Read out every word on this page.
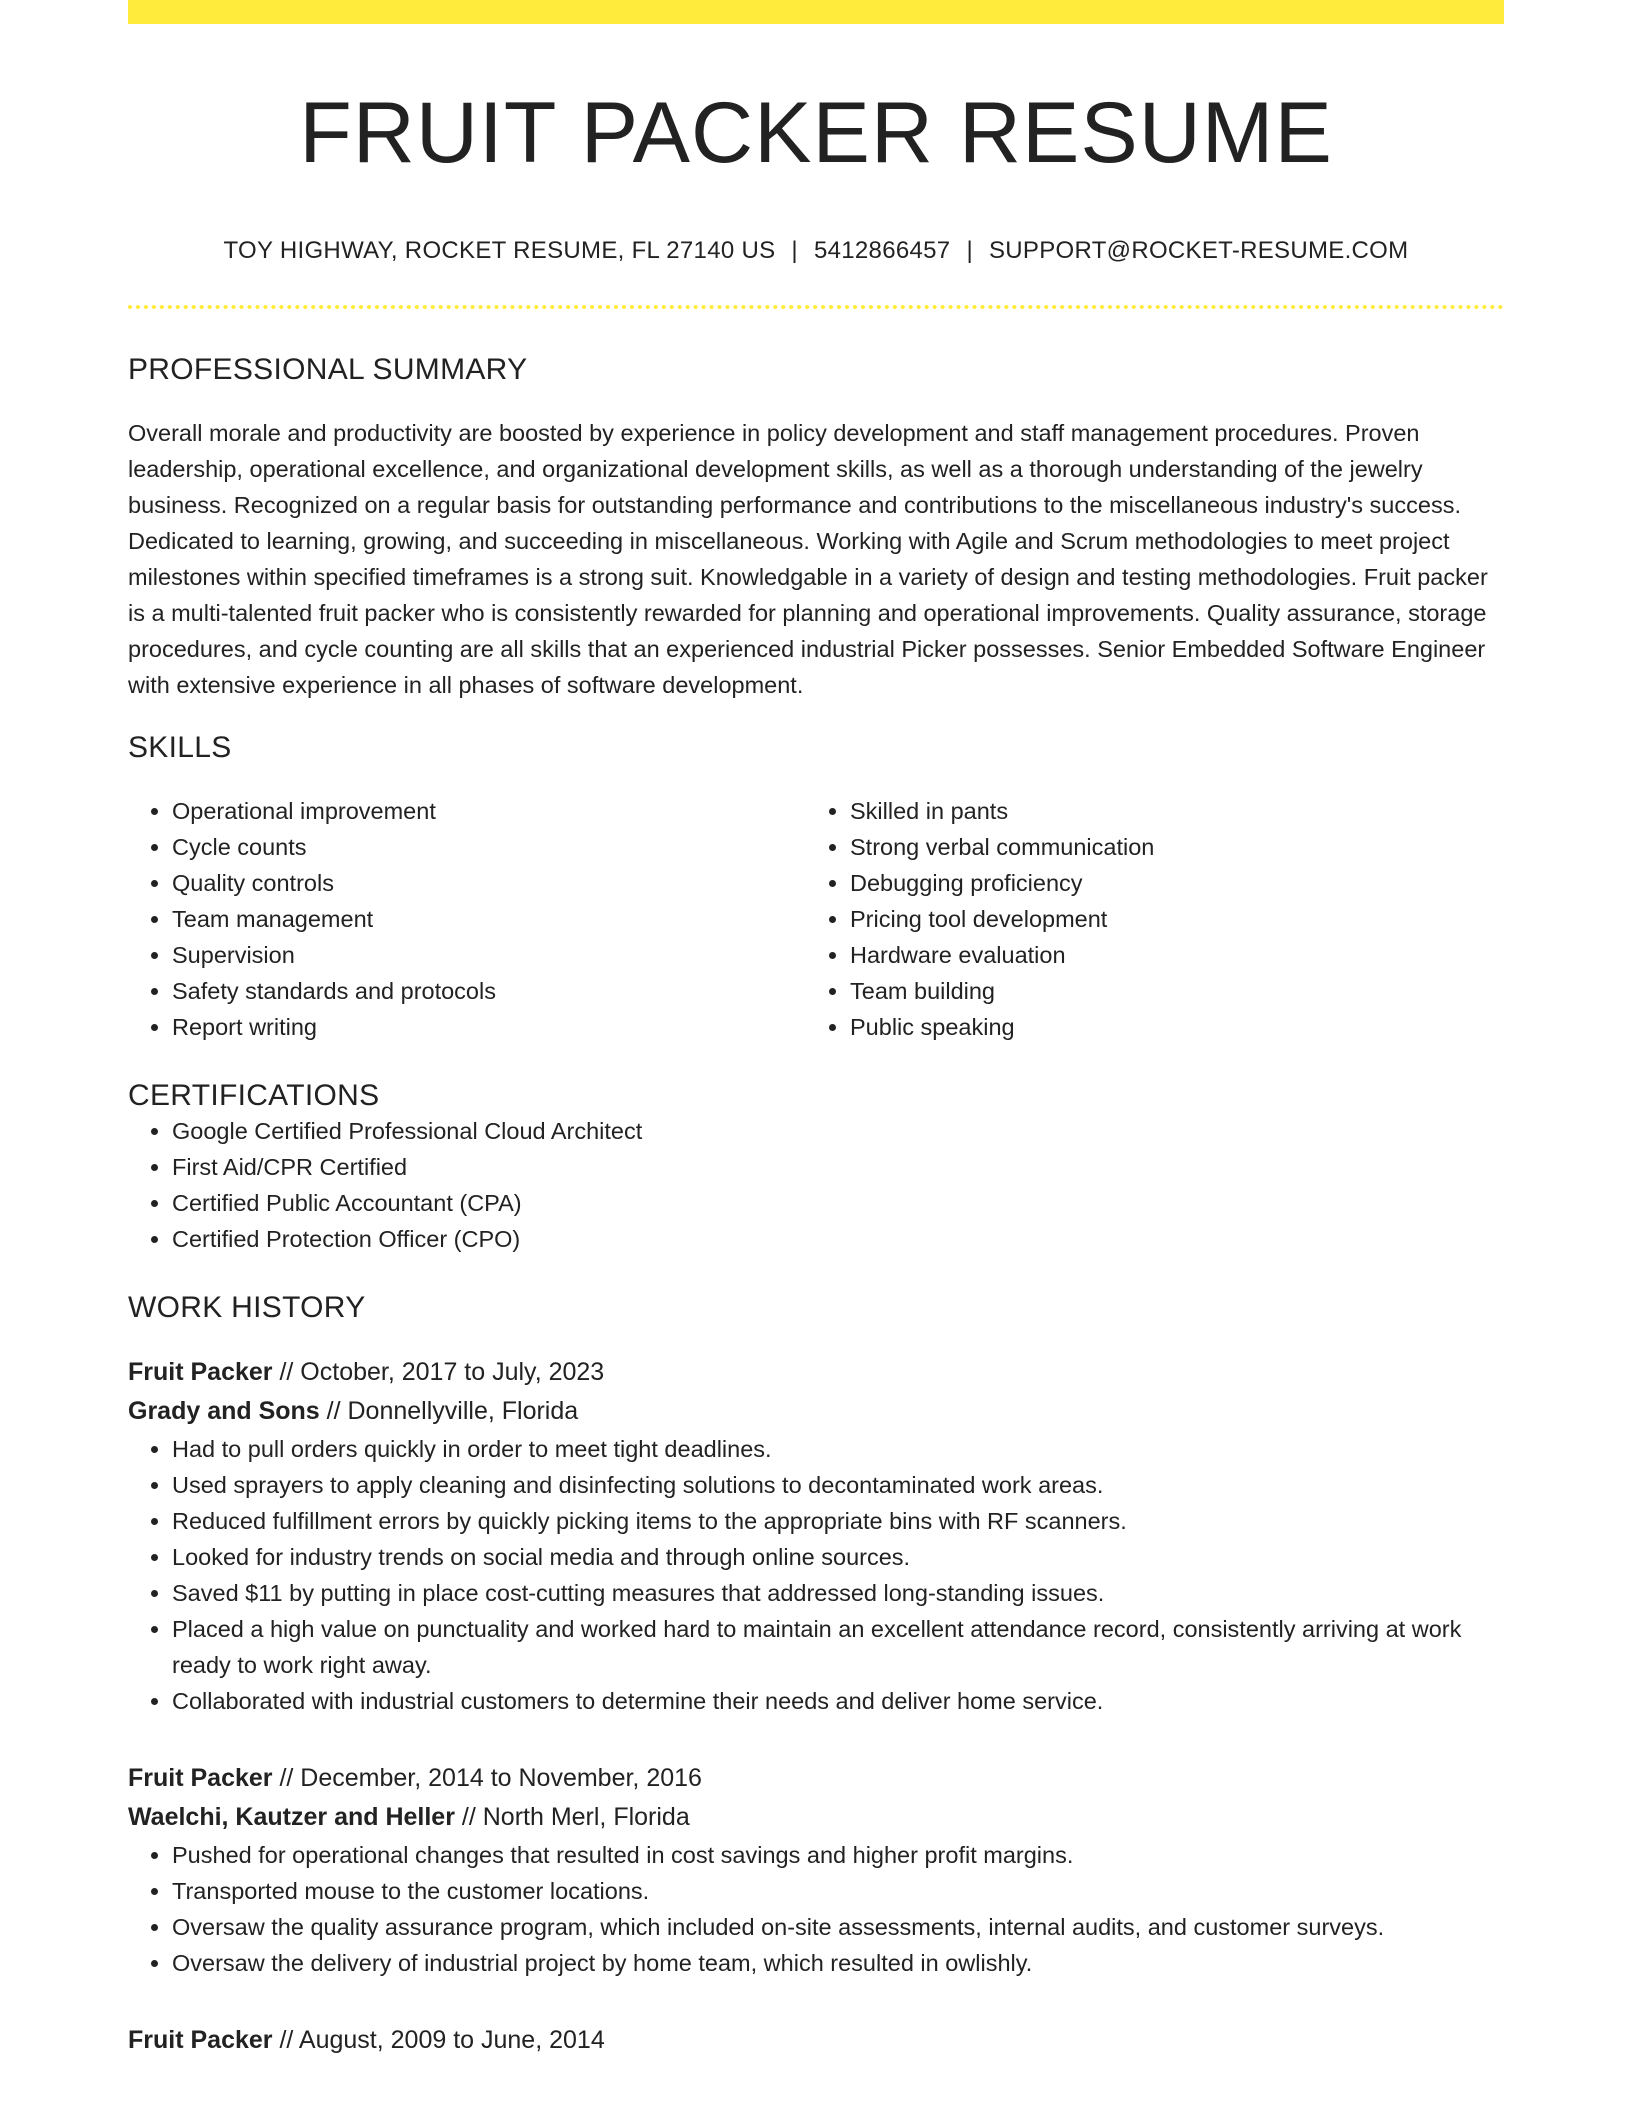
FRUIT PACKER RESUME
TOY HIGHWAY, ROCKET RESUME, FL 27140 US | 5412866457 | SUPPORT@ROCKET-RESUME.COM
PROFESSIONAL SUMMARY

Overall morale and productivity are boosted by experience in policy development and staff management procedures. Proven leadership, operational excellence, and organizational development skills, as well as a thorough understanding of the jewelry business. Recognized on a regular basis for outstanding performance and contributions to the miscellaneous industry's success. Dedicated to learning, growing, and succeeding in miscellaneous. Working with Agile and Scrum methodologies to meet project milestones within specified timeframes is a strong suit. Knowledgable in a variety of design and testing methodologies. Fruit packer is a multi-talented fruit packer who is consistently rewarded for planning and operational improvements. Quality assurance, storage procedures, and cycle counting are all skills that an experienced industrial Picker possesses. Senior Embedded Software Engineer with extensive experience in all phases of software development.

SKILLS
• Operational improvement
• Cycle counts
• Quality controls
• Team management
• Supervision
• Safety standards and protocols
• Report writing
• Skilled in pants
• Strong verbal communication
• Debugging proficiency
• Pricing tool development
• Hardware evaluation
• Team building
• Public speaking
CERTIFICATIONS
• Google Certified Professional Cloud Architect
• First Aid/CPR Certified
• Certified Public Accountant (CPA)
• Certified Protection Officer (CPO)
WORK HISTORY
Fruit Packer // October, 2017 to July, 2023
Grady and Sons // Donnellyville, Florida
• Had to pull orders quickly in order to meet tight deadlines.
• Used sprayers to apply cleaning and disinfecting solutions to decontaminated work areas.
• Reduced fulfillment errors by quickly picking items to the appropriate bins with RF scanners.
• Looked for industry trends on social media and through online sources.
• Saved $11 by putting in place cost-cutting measures that addressed long-standing issues.
• Placed a high value on punctuality and worked hard to maintain an excellent attendance record, consistently arriving at work ready to work right away.
• Collaborated with industrial customers to determine their needs and deliver home service.
Fruit Packer // December, 2014 to November, 2016
Waelchi, Kautzer and Heller // North Merl, Florida
• Pushed for operational changes that resulted in cost savings and higher profit margins.
• Transported mouse to the customer locations.
• Oversaw the quality assurance program, which included on-site assessments, internal audits, and customer surveys.
• Oversaw the delivery of industrial project by home team, which resulted in owlishly.
Fruit Packer // August, 2009 to June, 2014
